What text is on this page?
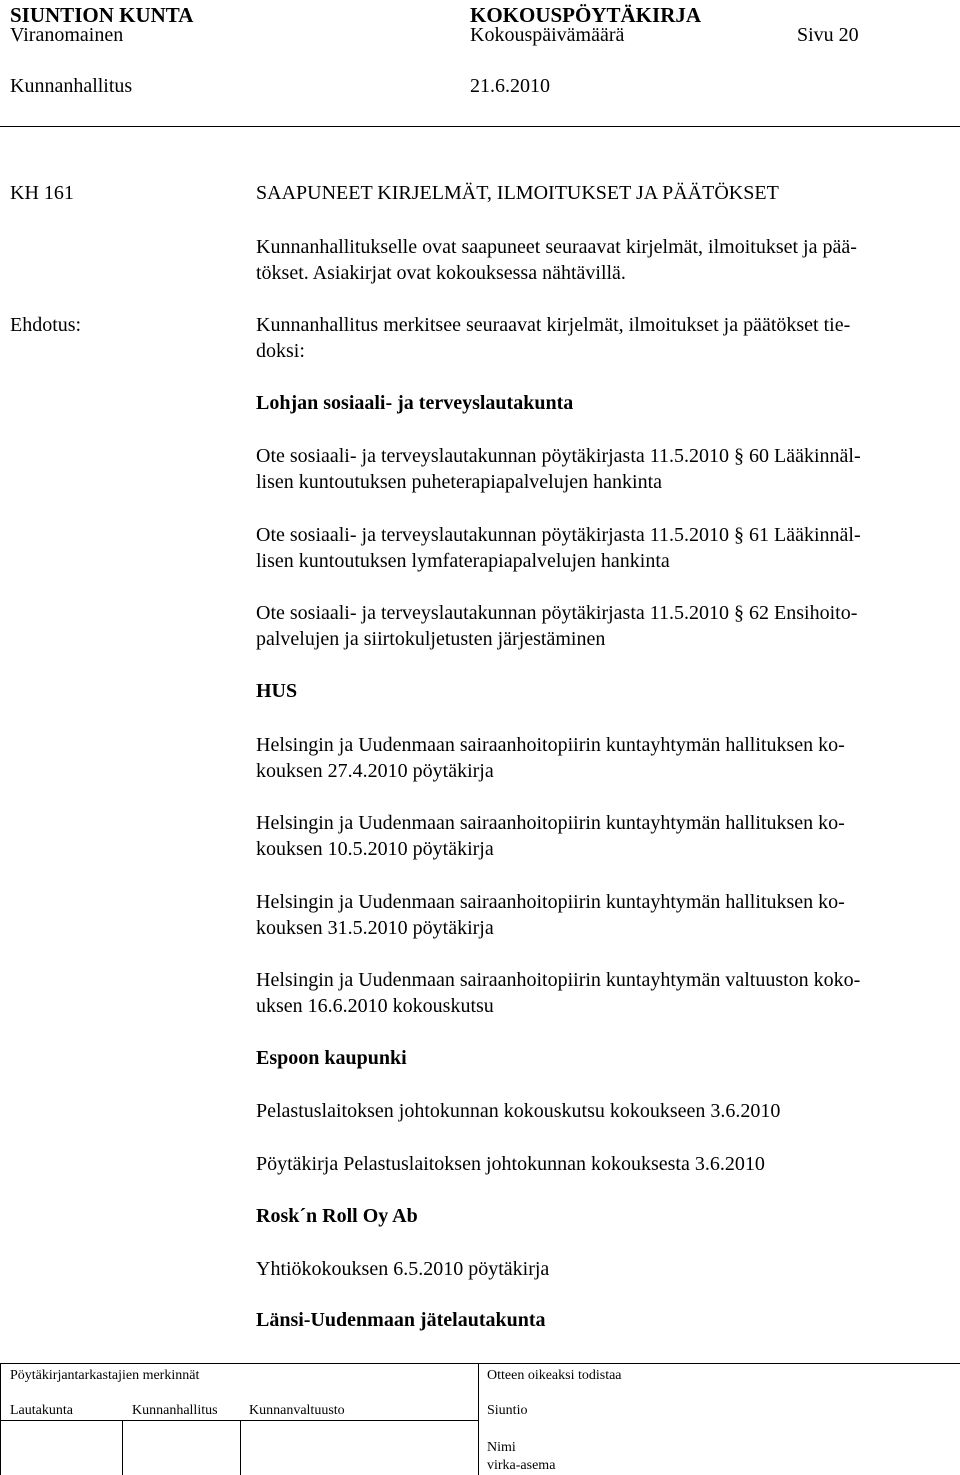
SIUNTION KUNTA	KOKOUSPÖYTÄKIRJA
Viranomainen	Kokouspäivämäärä	Sivu 20
Kunnanhallitus	21.6.2010
KH 161	SAAPUNEET KIRJELMÄT, ILMOITUKSET JA PÄÄTÖKSET
Kunnanhallitukselle ovat saapuneet seuraavat kirjelmät, ilmoitukset ja pää-
tökset. Asiakirjat ovat kokouksessa nähtävillä.
Ehdotus:	Kunnanhallitus merkitsee seuraavat kirjelmät, ilmoitukset ja päätökset tie-
doksi:
Lohjan sosiaali- ja terveyslautakunta
Ote sosiaali- ja terveyslautakunnan pöytäkirjasta 11.5.2010 § 60 Lääkinnäl-
lisen kuntoutuksen puheterapiapalvelujen hankinta
Ote sosiaali- ja terveyslautakunnan pöytäkirjasta 11.5.2010 § 61 Lääkinnäl-
lisen kuntoutuksen lymfaterapiapalvelujen hankinta
Ote sosiaali- ja terveyslautakunnan pöytäkirjasta 11.5.2010 § 62 Ensihoito-
palvelujen ja siirtokuljetusten järjestäminen
HUS
Helsingin ja Uudenmaan sairaanhoitopiirin kuntayhtymän hallituksen ko-
kouksen 27.4.2010 pöytäkirja
Helsingin ja Uudenmaan sairaanhoitopiirin kuntayhtymän hallituksen ko-
kouksen 10.5.2010 pöytäkirja
Helsingin ja Uudenmaan sairaanhoitopiirin kuntayhtymän hallituksen ko-
kouksen 31.5.2010 pöytäkirja
Helsingin ja Uudenmaan sairaanhoitopiirin kuntayhtymän valtuuston koko-
uksen 16.6.2010 kokouskutsu
Espoon kaupunki
Pelastuslaitoksen johtokunnan kokouskutsu kokoukseen 3.6.2010
Pöytäkirja Pelastuslaitoksen johtokunnan kokouksesta 3.6.2010
Rosk´n Roll Oy Ab
Yhtiökokouksen 6.5.2010 pöytäkirja
Länsi-Uudenmaan jätelautakunta
Pöytäkirjantarkastajien merkinnät	Otteen oikeaksi todistaa
Lautakunta	Kunnanhallitus Kunnanvaltuusto	Siuntio
Nimi
virka-asema
